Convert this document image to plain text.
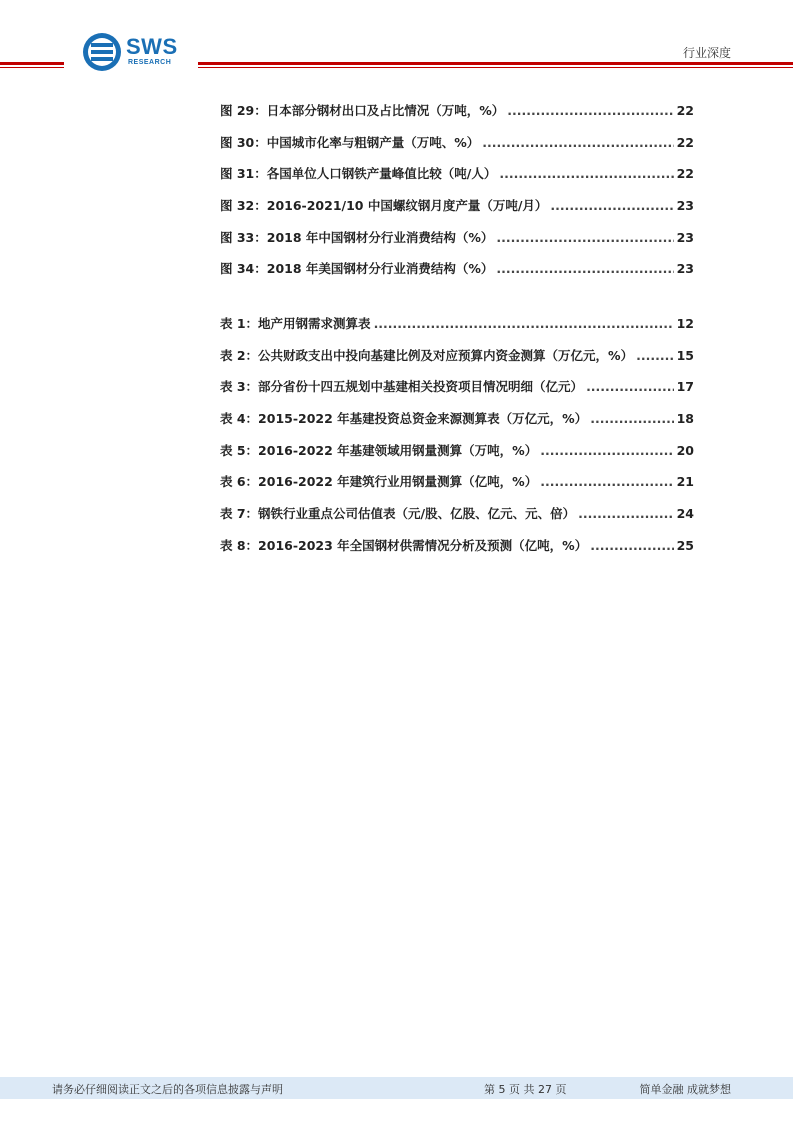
SWS
RESEARCH
行业深度
图 29：日本部分钢材出口及占比情况（万吨，%） .....	22
图 30：中国城市化率与粗钢产量（万吨、%） .....	22
图 31：各国单位人口钢铁产量峰值比较（吨/人） .....	22
图 32：2016-2021/10 中国螺纹钢月度产量（万吨/月） .....	23
图 33：2018 年中国钢材分行业消费结构（%） .....	23
图 34：2018 年美国钢材分行业消费结构（%） .....	23
表 1：地产用钢需求测算表 .....	12
表 2：公共财政支出中投向基建比例及对应预算内资金测算（万亿元，%） .....	15
表 3：部分省份十四五规划中基建相关投资项目情况明细（亿元） .....	17
表 4：2015-2022 年基建投资总资金来源测算表（万亿元，%） .....	18
表 5：2016-2022 年基建领域用钢量测算（万吨，%） .....	20
表 6：2016-2022 年建筑行业用钢量测算（亿吨，%） .....	21
表 7：钢铁行业重点公司估值表（元/股、亿股、亿元、元、倍） .....	24
表 8：2016-2023 年全国钢材供需情况分析及预测（亿吨，%） .....	25
请务必仔细阅读正文之后的各项信息披露与声明	第 5 页 共 27 页	简单金融 成就梦想
